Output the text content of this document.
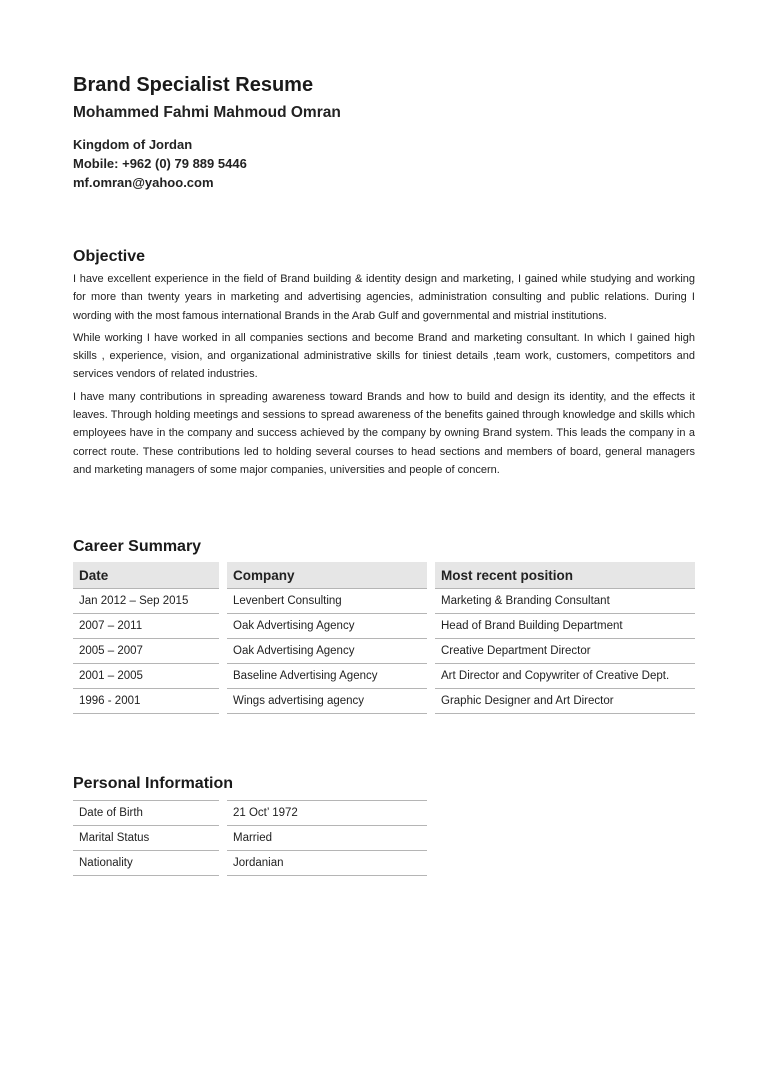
Brand Specialist Resume
Mohammed Fahmi Mahmoud Omran
Kingdom of Jordan
Mobile: +962 (0) 79 889 5446
mf.omran@yahoo.com
Objective

I have excellent experience in the field of Brand building & identity design and marketing, I gained while studying and working for more than twenty years in marketing and advertising agencies, administration consulting and public relations. During I wording with the most famous international Brands in the Arab Gulf and governmental and mistrial institutions.

While working I have worked in all companies sections and become Brand and marketing consultant. In which I gained high skills , experience, vision, and organizational administrative skills for tiniest details ,team work, customers, competitors and services vendors of related industries.

I have many contributions in spreading awareness toward Brands and how to build and design its identity, and the effects it leaves. Through holding meetings and sessions to spread awareness of the benefits gained through knowledge and skills which employees have in the company and success achieved by the company by owning Brand system. This leads the company in a correct route. These contributions led to holding several courses to head sections and members of board, general managers and marketing managers of some major companies, universities and people of concern.

Career Summary
Date	Company	Most recent position
Jan 2012 – Sep 2015	Levenbert Consulting	Marketing & Branding Consultant
2007 – 2011	Oak Advertising Agency	Head of Brand Building Department
2005 – 2007	Oak Advertising Agency	Creative Department Director
2001 – 2005	Baseline Advertising Agency	Art Director and Copywriter of Creative Dept.
1996 - 2001	Wings advertising agency	Graphic Designer and Art Director
Personal Information
Date of Birth	21 Oct’ 1972
Marital Status	Married
Nationality	Jordanian
